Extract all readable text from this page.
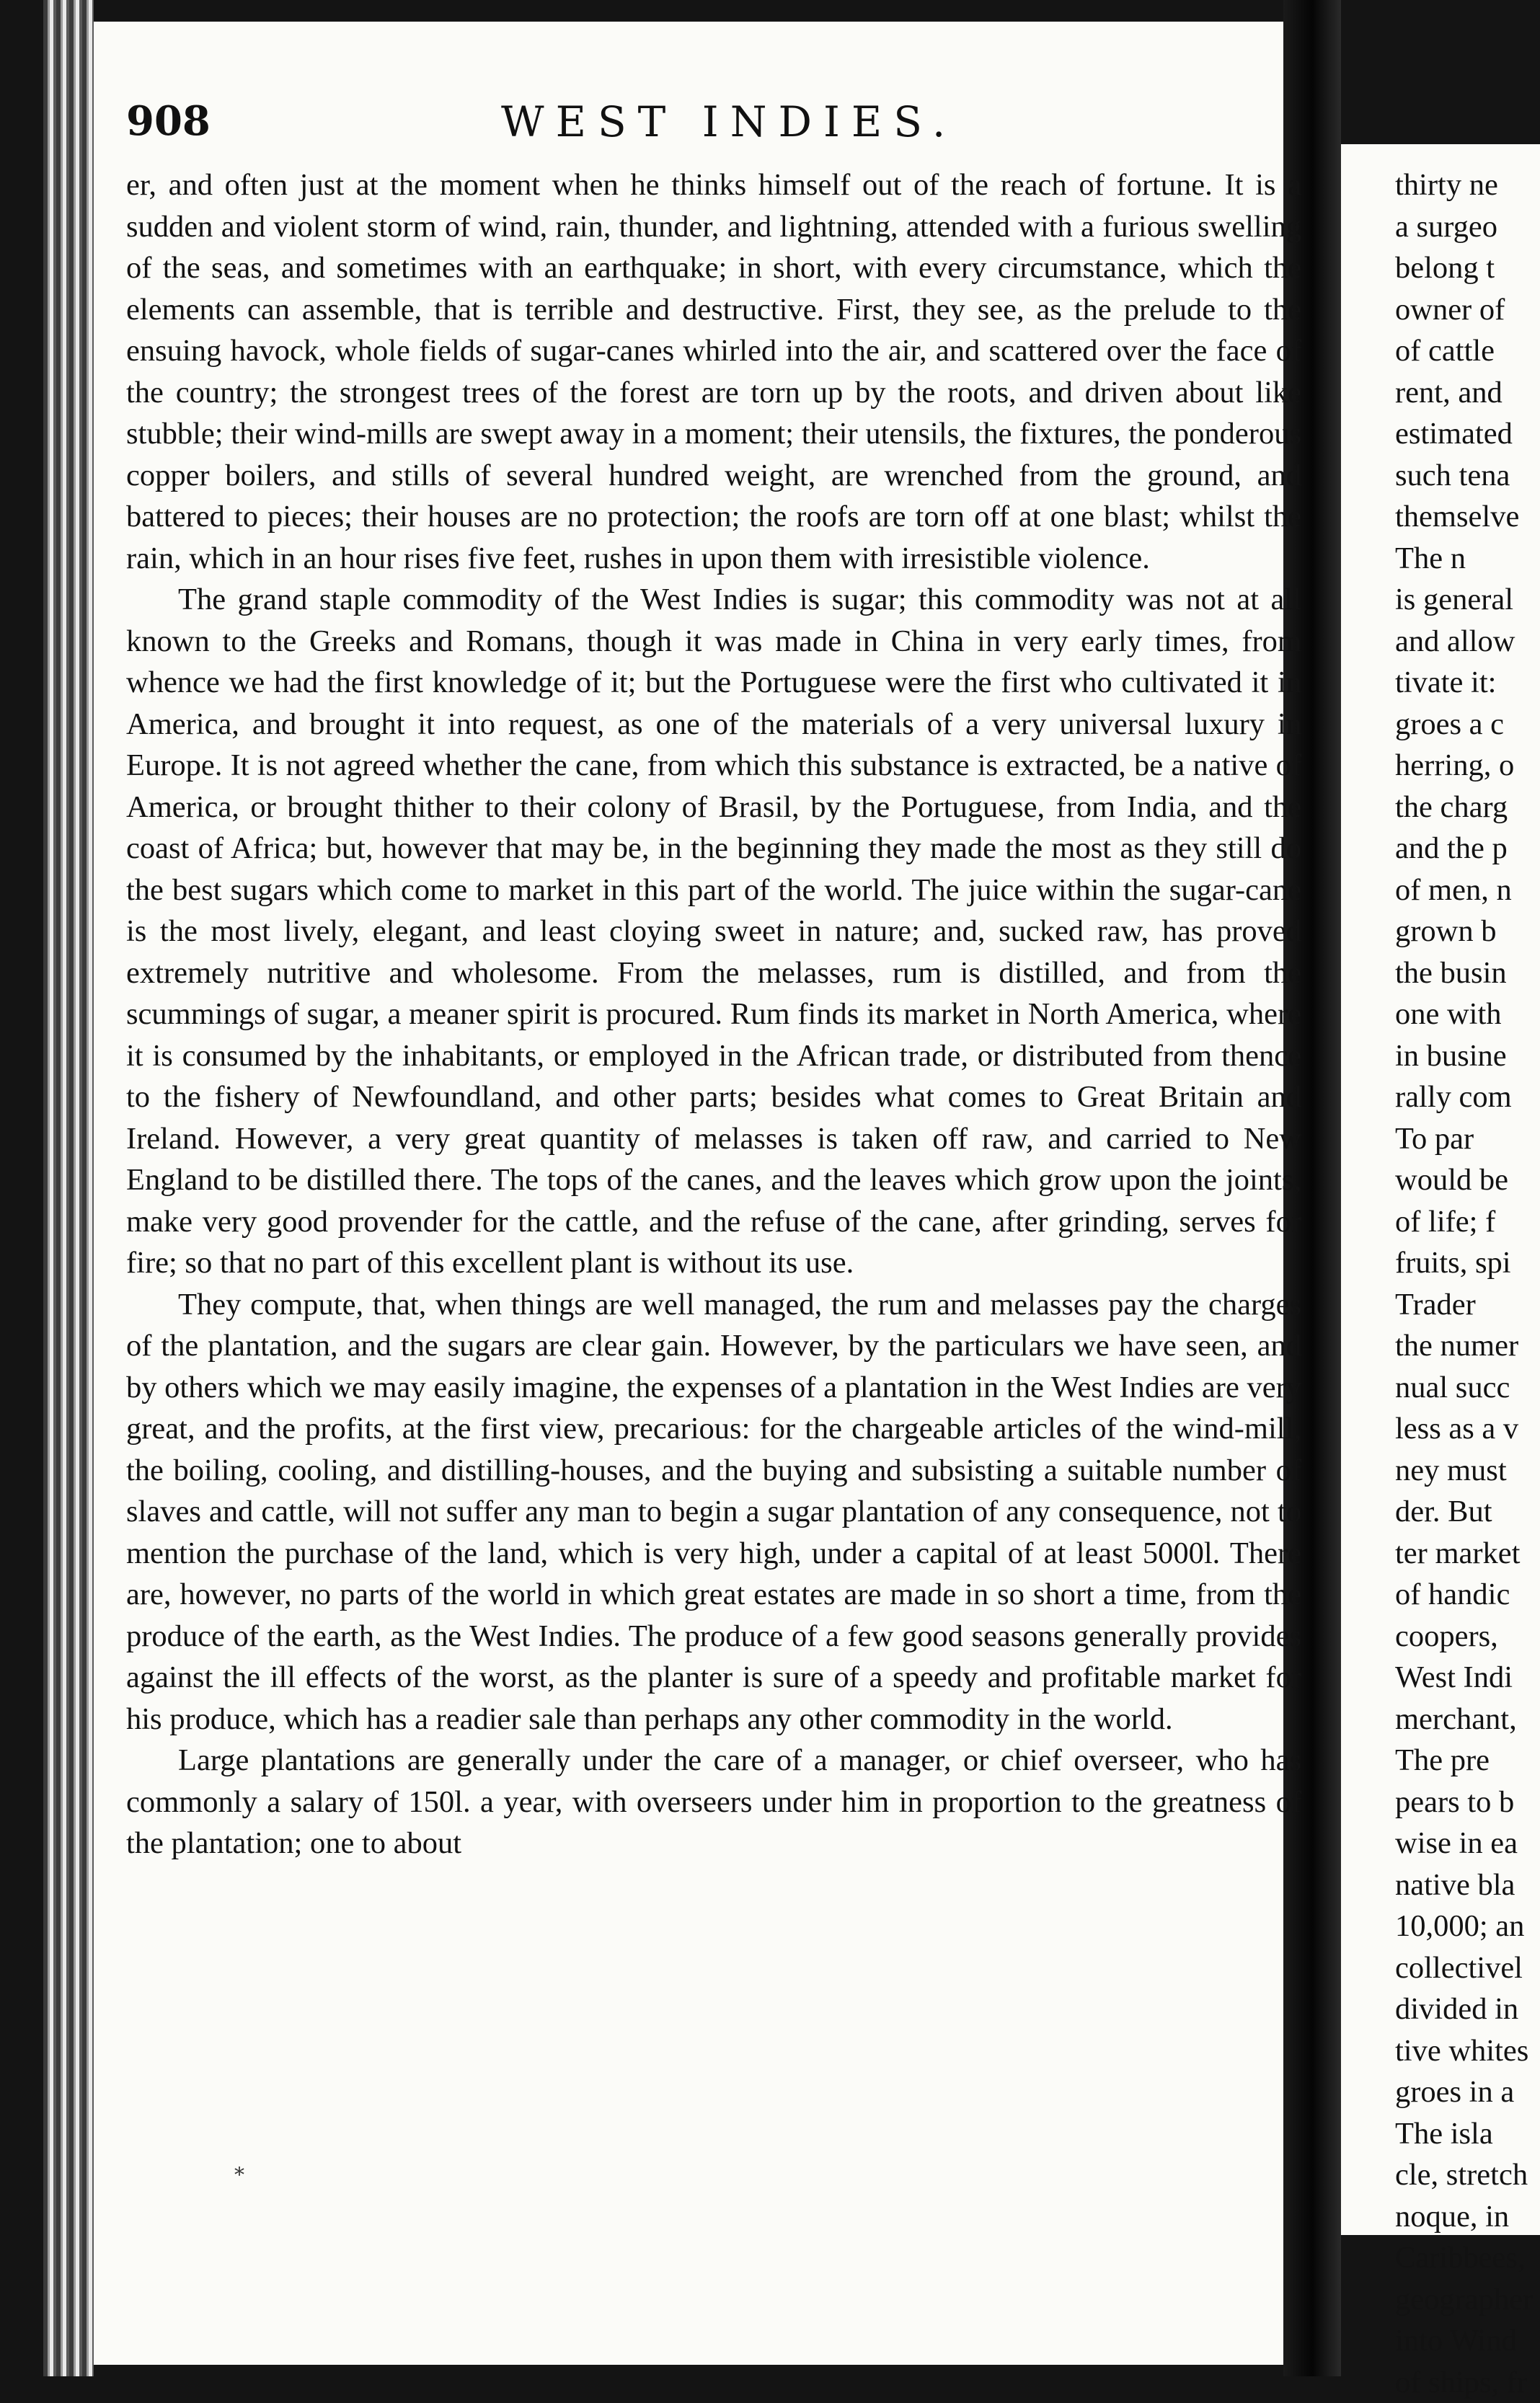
908	WEST INDIES.

er, and often just at the moment when he thinks himself out of the reach of fortune. It is a sudden and violent storm of wind, rain, thunder, and lightning, attended with a furious swelling of the seas, and sometimes with an earthquake; in short, with every circumstance, which the elements can assemble, that is terrible and destructive. First, they see, as the prelude to the ensuing havock, whole fields of sugar-canes whirled into the air, and scattered over the face of the country; the strongest trees of the forest are torn up by the roots, and driven about like stubble; their wind-mills are swept away in a moment; their utensils, the fixtures, the ponderous copper boilers, and stills of several hundred weight, are wrenched from the ground, and battered to pieces; their houses are no protection; the roofs are torn off at one blast; whilst the rain, which in an hour rises five feet, rushes in upon them with irresistible violence.

The grand staple commodity of the West Indies is sugar; this commodity was not at all known to the Greeks and Romans, though it was made in China in very early times, from whence we had the first knowledge of it; but the Portuguese were the first who cultivated it in America, and brought it into request, as one of the materials of a very universal luxury in Europe. It is not agreed whether the cane, from which this substance is extracted, be a native of America, or brought thither to their colony of Brasil, by the Portuguese, from India, and the coast of Africa; but, however that may be, in the beginning they made the most as they still do the best sugars which come to market in this part of the world. The juice within the sugar-cane is the most lively, elegant, and least cloying sweet in nature; and, sucked raw, has proved extremely nutritive and wholesome. From the melasses, rum is distilled, and from the scummings of sugar, a meaner spirit is procured. Rum finds its market in North America, where it is consumed by the inhabitants, or employed in the African trade, or distributed from thence to the fishery of Newfoundland, and other parts; besides what comes to Great Britain and Ireland. However, a very great quantity of melasses is taken off raw, and carried to New England to be distilled there. The tops of the canes, and the leaves which grow upon the joints, make very good provender for the cattle, and the refuse of the cane, after grinding, serves for fire; so that no part of this excellent plant is without its use.

They compute, that, when things are well managed, the rum and melasses pay the charges of the plantation, and the sugars are clear gain. However, by the particulars we have seen, and by others which we may easily imagine, the expenses of a plantation in the West Indies are very great, and the profits, at the first view, precarious: for the chargeable articles of the wind-mill, the boiling, cooling, and distilling-houses, and the buying and subsisting a suitable number of slaves and cattle, will not suffer any man to begin a sugar plantation of any consequence, not to mention the purchase of the land, which is very high, under a capital of at least 5000l. There are, however, no parts of the world in which great estates are made in so short a time, from the produce of the earth, as the West Indies. The produce of a few good seasons generally provides against the ill effects of the worst, as the planter is sure of a speedy and profitable market for his produce, which has a readier sale than perhaps any other commodity in the world.

Large plantations are generally under the care of a manager, or chief overseer, who has commonly a salary of 150l. a year, with overseers under him in proportion to the greatness of the plantation; one to about

thirty ne
a surgeo
belong t
owner of
of cattle
rent, and
estimated
such tena
themselve
The n
is general
and allow
tivate it:
groes a c
herring, o
the charg
and the p
of men, n
grown b
the busin
one with
in busine
rally com
To par
would be
of life; f
fruits, spi
Trader
the numer
nual succ
less as a v
ney must
der. But
ter market
of handic
coopers,
West Indi
merchant,
The pre
pears to b
wise in ea
native bla
10,000; an
collectivel
divided in
tive whites
groes in a
The isla
cle, stretch
noque, in
Caribbees,
geographer
into Wind
of ships, fr
*
